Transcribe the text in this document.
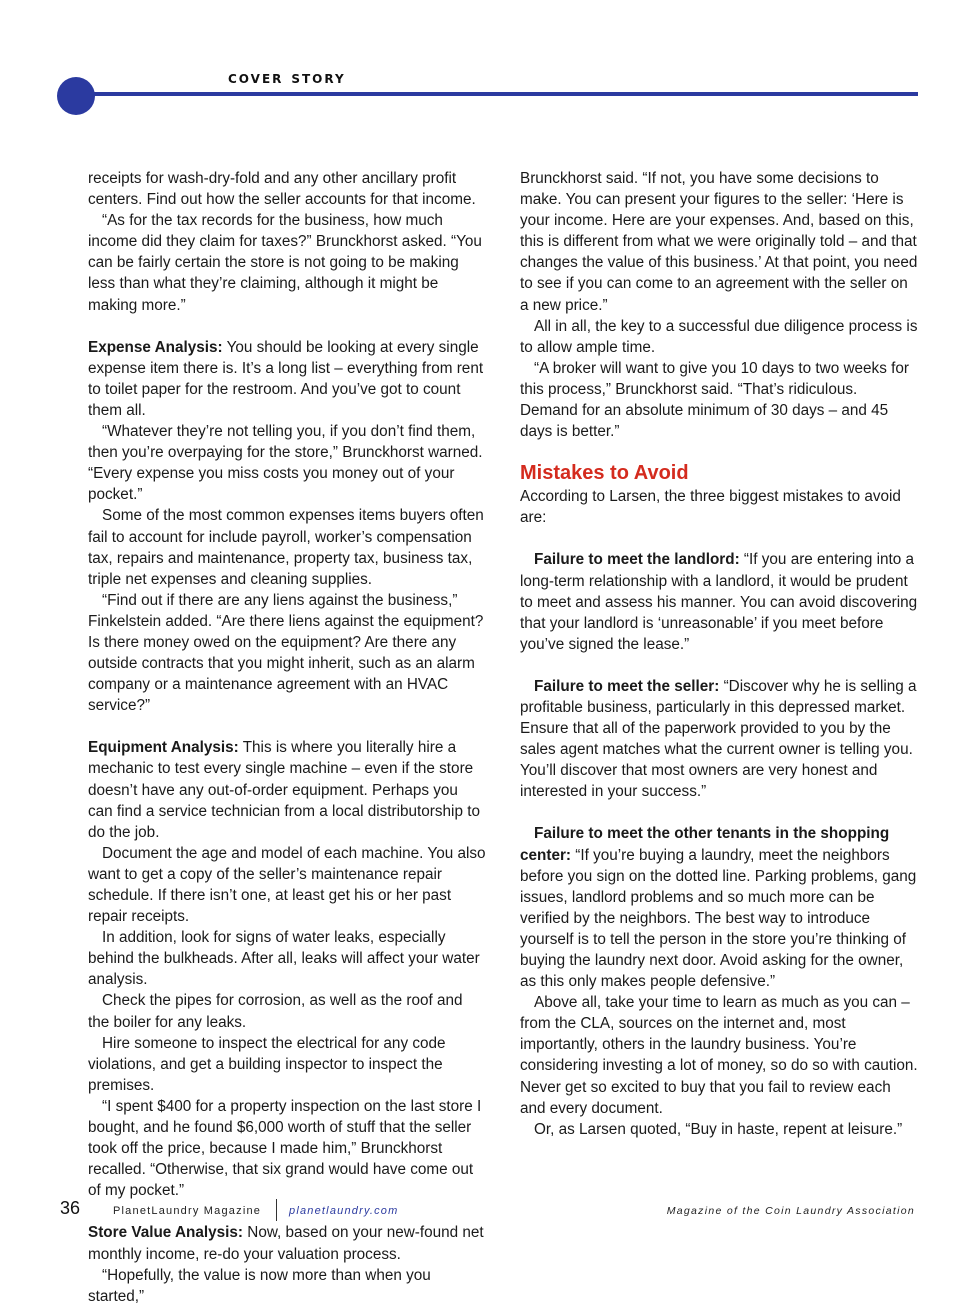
cover story

receipts for wash-dry-fold and any other ancillary profit centers. Find out how the seller accounts for that income.

“As for the tax records for the business, how much income did they claim for taxes?” Brunckhorst asked. “You can be fairly certain the store is not going to be making less than what they’re claiming, although it might be making more.”

Expense Analysis: You should be looking at every single expense item there is. It’s a long list – everything from rent to toilet paper for the restroom. And you’ve got to count them all.

“Whatever they’re not telling you, if you don’t find them, then you’re overpaying for the store,” Brunckhorst warned. “Every expense you miss costs you money out of your pocket.”

Some of the most common expenses items buyers often fail to account for include payroll, worker’s compensation tax, repairs and maintenance, property tax, business tax, triple net expenses and cleaning supplies.

“Find out if there are any liens against the business,” Finkelstein added. “Are there liens against the equipment? Is there money owed on the equipment? Are there any outside contracts that you might inherit, such as an alarm company or a maintenance agreement with an HVAC service?”

Equipment Analysis: This is where you literally hire a mechanic to test every single machine – even if the store doesn’t have any out-of-order equipment. Perhaps you can find a service technician from a local distributorship to do the job.

Document the age and model of each machine. You also want to get a copy of the seller’s maintenance repair schedule. If there isn’t one, at least get his or her past repair receipts.

In addition, look for signs of water leaks, especially behind the bulkheads. After all, leaks will affect your water analysis.

Check the pipes for corrosion, as well as the roof and the boiler for any leaks.

Hire someone to inspect the electrical for any code violations, and get a building inspector to inspect the premises.

“I spent $400 for a property inspection on the last store I bought, and he found $6,000 worth of stuff that the seller took off the price, because I made him,” Brunckhorst recalled. “Otherwise, that six grand would have come out of my pocket.”

Store Value Analysis: Now, based on your new-found net monthly income, re-do your valuation process.

“Hopefully, the value is now more than when you started,”

Brunckhorst said. “If not, you have some decisions to make. You can present your figures to the seller: ‘Here is your income. Here are your expenses. And, based on this, this is different from what we were originally told – and that changes the value of this business.’ At that point, you need to see if you can come to an agreement with the seller on a new price.”

All in all, the key to a successful due diligence process is to allow ample time.

“A broker will want to give you 10 days to two weeks for this process,” Brunckhorst said. “That’s ridiculous. Demand for an absolute minimum of 30 days – and 45 days is better.”

Mistakes to Avoid

According to Larsen, the three biggest mistakes to avoid are:

Failure to meet the landlord: “If you are entering into a long-term relationship with a landlord, it would be prudent to meet and assess his manner. You can avoid discovering that your landlord is ‘unreasonable’ if you meet before you’ve signed the lease.”

Failure to meet the seller: “Discover why he is selling a profitable business, particularly in this depressed market. Ensure that all of the paperwork provided to you by the sales agent matches what the current owner is telling you. You’ll discover that most owners are very honest and interested in your success.”

Failure to meet the other tenants in the shopping center: “If you’re buying a laundry, meet the neighbors before you sign on the dotted line. Parking problems, gang issues, landlord problems and so much more can be verified by the neighbors. The best way to introduce yourself is to tell the person in the store you’re thinking of buying the laundry next door. Avoid asking for the owner, as this only makes people defensive.”

Above all, take your time to learn as much as you can – from the CLA, sources on the internet and, most importantly, others in the laundry business. You’re considering investing a lot of money, so do so with caution. Never get so excited to buy that you fail to review each and every document.

Or, as Larsen quoted, “Buy in haste, repent at leisure.”

36	PlanetLaundry Magazine	planetlaundry.com	Magazine of the Coin Laundry Association
